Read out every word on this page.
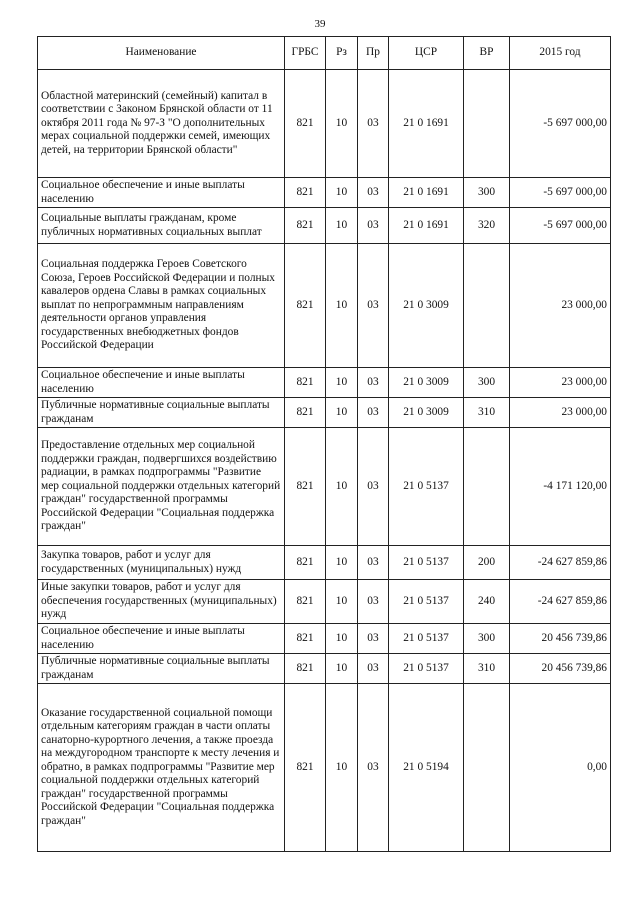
39
Наименование	ГРБС	Рз	Пр	ЦСР	ВР	2015 год
Областной материнский (семейный) капитал в соответствии с Законом Брянской области от 11 октября 2011 года № 97-З "О дополнительных мерах социальной поддержки семей, имеющих детей, на территории Брянской области"	821	10	03	21 0 1691		-5 697 000,00
Социальное обеспечение и иные выплаты населению	821	10	03	21 0 1691	300	-5 697 000,00
Социальные выплаты гражданам, кроме публичных нормативных социальных выплат	821	10	03	21 0 1691	320	-5 697 000,00
Социальная поддержка Героев Советского Союза, Героев Российской Федерации и полных кавалеров ордена Славы в рамках социальных выплат по непрограммным направлениям деятельности органов управления государственных внебюджетных фондов Российской Федерации	821	10	03	21 0 3009		23 000,00
Социальное обеспечение и иные выплаты населению	821	10	03	21 0 3009	300	23 000,00
Публичные нормативные социальные выплаты гражданам	821	10	03	21 0 3009	310	23 000,00
Предоставление отдельных мер социальной поддержки граждан, подвергшихся воздействию радиации, в рамках подпрограммы "Развитие мер социальной поддержки отдельных категорий граждан" государственной программы Российской Федерации "Социальная поддержка граждан"	821	10	03	21 0 5137		-4 171 120,00
Закупка товаров, работ и услуг для государственных (муниципальных) нужд	821	10	03	21 0 5137	200	-24 627 859,86
Иные закупки товаров, работ и услуг для обеспечения государственных (муниципальных) нужд	821	10	03	21 0 5137	240	-24 627 859,86
Социальное обеспечение и иные выплаты населению	821	10	03	21 0 5137	300	20 456 739,86
Публичные нормативные социальные выплаты гражданам	821	10	03	21 0 5137	310	20 456 739,86
Оказание государственной социальной помощи отдельным категориям граждан в части оплаты санаторно-курортного лечения, а также проезда на междугородном транспорте к месту лечения и обратно, в рамках подпрограммы "Развитие мер социальной поддержки отдельных категорий граждан" государственной программы Российской Федерации "Социальная поддержка граждан"	821	10	03	21 0 5194		0,00
